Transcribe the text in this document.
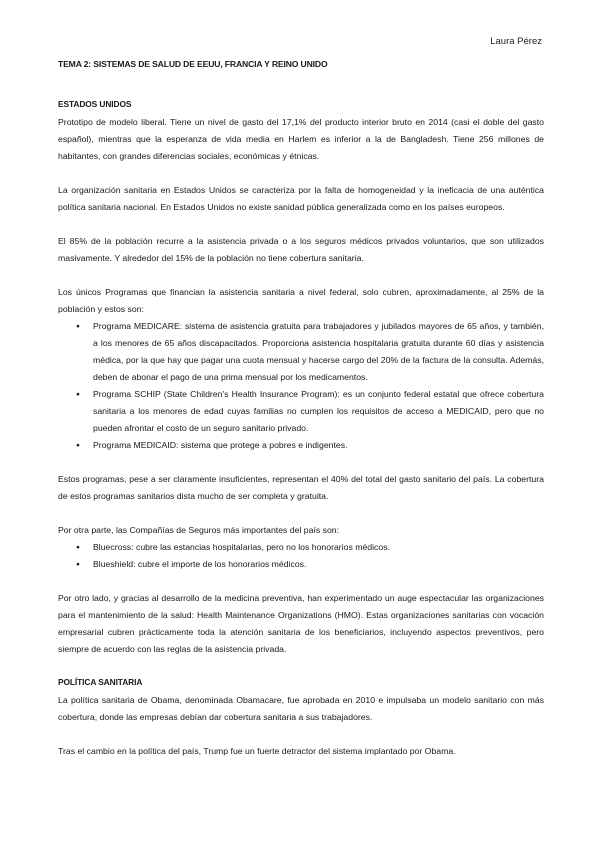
Laura Pérez
TEMA 2: SISTEMAS DE SALUD DE EEUU, FRANCIA Y REINO UNIDO
ESTADOS UNIDOS

Prototipo de modelo liberal. Tiene un nivel de gasto del 17,1% del producto interior bruto en 2014 (casi el doble del gasto español), mientras que la esperanza de vida media en Harlem es inferior a la de Bangladesh. Tiene 256 millones de habitantes, con grandes diferencias sociales, económicas y étnicas.

La organización sanitaria en Estados Unidos se caracteriza por la falta de homogeneidad y la ineficacia de una auténtica política sanitaria nacional. En Estados Unidos no existe sanidad pública generalizada como en los países europeos.

El 85% de la población recurre a la asistencia privada o a los seguros médicos privados voluntarios, que son utilizados masivamente. Y alrededor del 15% de la población no tiene cobertura sanitaria.

Los únicos Programas que financian la asistencia sanitaria a nivel federal, solo cubren, aproximadamente, al 25% de la población y estos son:

● Programa MEDICARE: sistema de asistencia gratuita para trabajadores y jubilados mayores de 65 años, y también, a los menores de 65 años discapacitados. Proporciona asistencia hospitalaria gratuita durante 60 días y asistencia médica, por la que hay que pagar una cuota mensual y hacerse cargo del 20% de la factura de la consulta. Además, deben de abonar el pago de una prima mensual por los medicamentos.
● Programa SCHIP (State Children's Health Insurance Program): es un conjunto federal estatal que ofrece cobertura sanitaria a los menores de edad cuyas familias no cumplen los requisitos de acceso a MEDICAID, pero que no pueden afrontar el costo de un seguro sanitario privado.
● Programa MEDICAID: sistema que protege a pobres e indigentes.

Estos programas, pese a ser claramente insuficientes, representan el 40% del total del gasto sanitario del país. La cobertura de estos programas sanitarios dista mucho de ser completa y gratuita.

Por otra parte, las Compañías de Seguros más importantes del país son:

● Bluecross: cubre las estancias hospitalarias, pero no los honorarios médicos.
● Blueshield: cubre el importe de los honorarios médicos.

Por otro lado, y gracias al desarrollo de la medicina preventiva, han experimentado un auge espectacular las organizaciones para el mantenimiento de la salud: Health Maintenance Organizations (HMO). Estas organizaciones sanitarias con vocación empresarial cubren prácticamente toda la atención sanitaria de los beneficiarios, incluyendo aspectos preventivos, pero siempre de acuerdo con las reglas de la asistencia privada.

POLÍTICA SANITARIA

La política sanitaria de Obama, denominada Obamacare, fue aprobada en 2010 e impulsaba un modelo sanitario con más cobertura, donde las empresas debían dar cobertura sanitaria a sus trabajadores.

Tras el cambio en la política del país, Trump fue un fuerte detractor del sistema implantado por Obama.
